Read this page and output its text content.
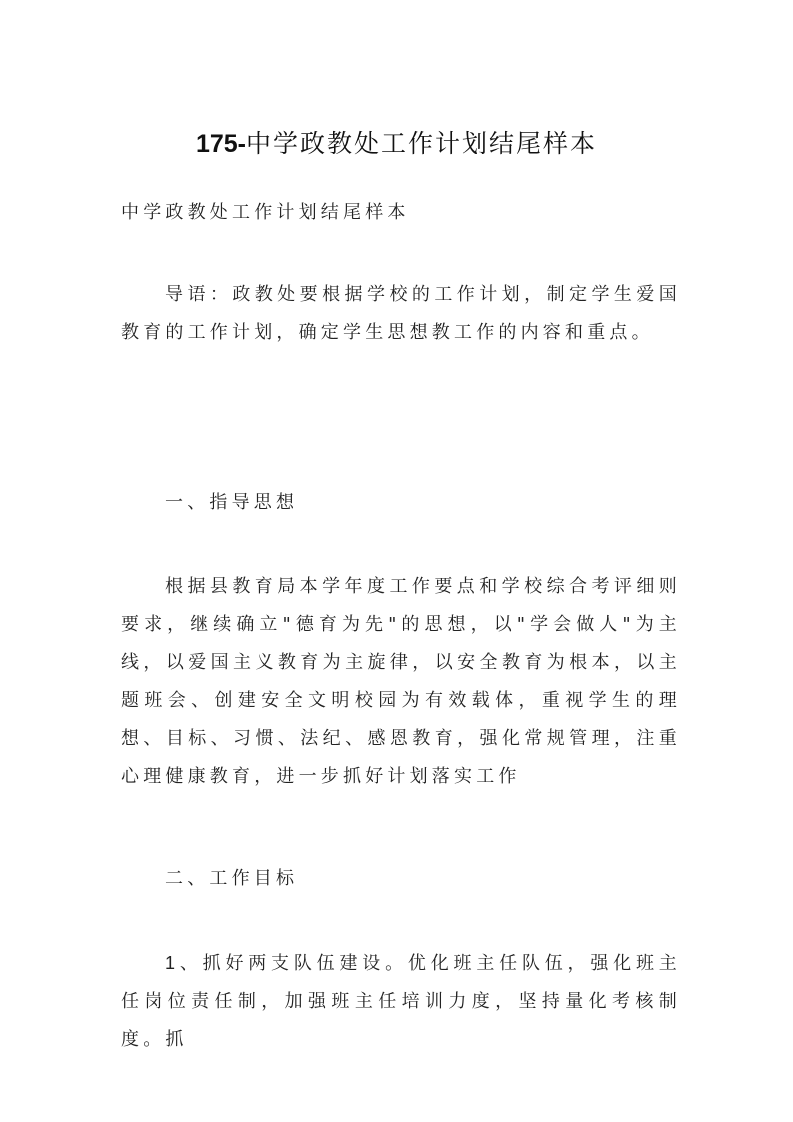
175-中学政教处工作计划结尾样本

中学政教处工作计划结尾样本

导语：政教处要根据学校的工作计划，制定学生爱国教育的工作计划，确定学生思想教工作的内容和重点。

一、指导思想

根据县教育局本学年度工作要点和学校综合考评细则要求，继续确立"德育为先"的思想，以"学会做人"为主线，以爱国主义教育为主旋律，以安全教育为根本，以主题班会、创建安全文明校园为有效载体，重视学生的理想、目标、习惯、法纪、感恩教育，强化常规管理，注重心理健康教育，进一步抓好计划落实工作

二、工作目标

1、抓好两支队伍建设。优化班主任队伍，强化班主任岗位责任制，加强班主任培训力度，坚持量化考核制度。抓
